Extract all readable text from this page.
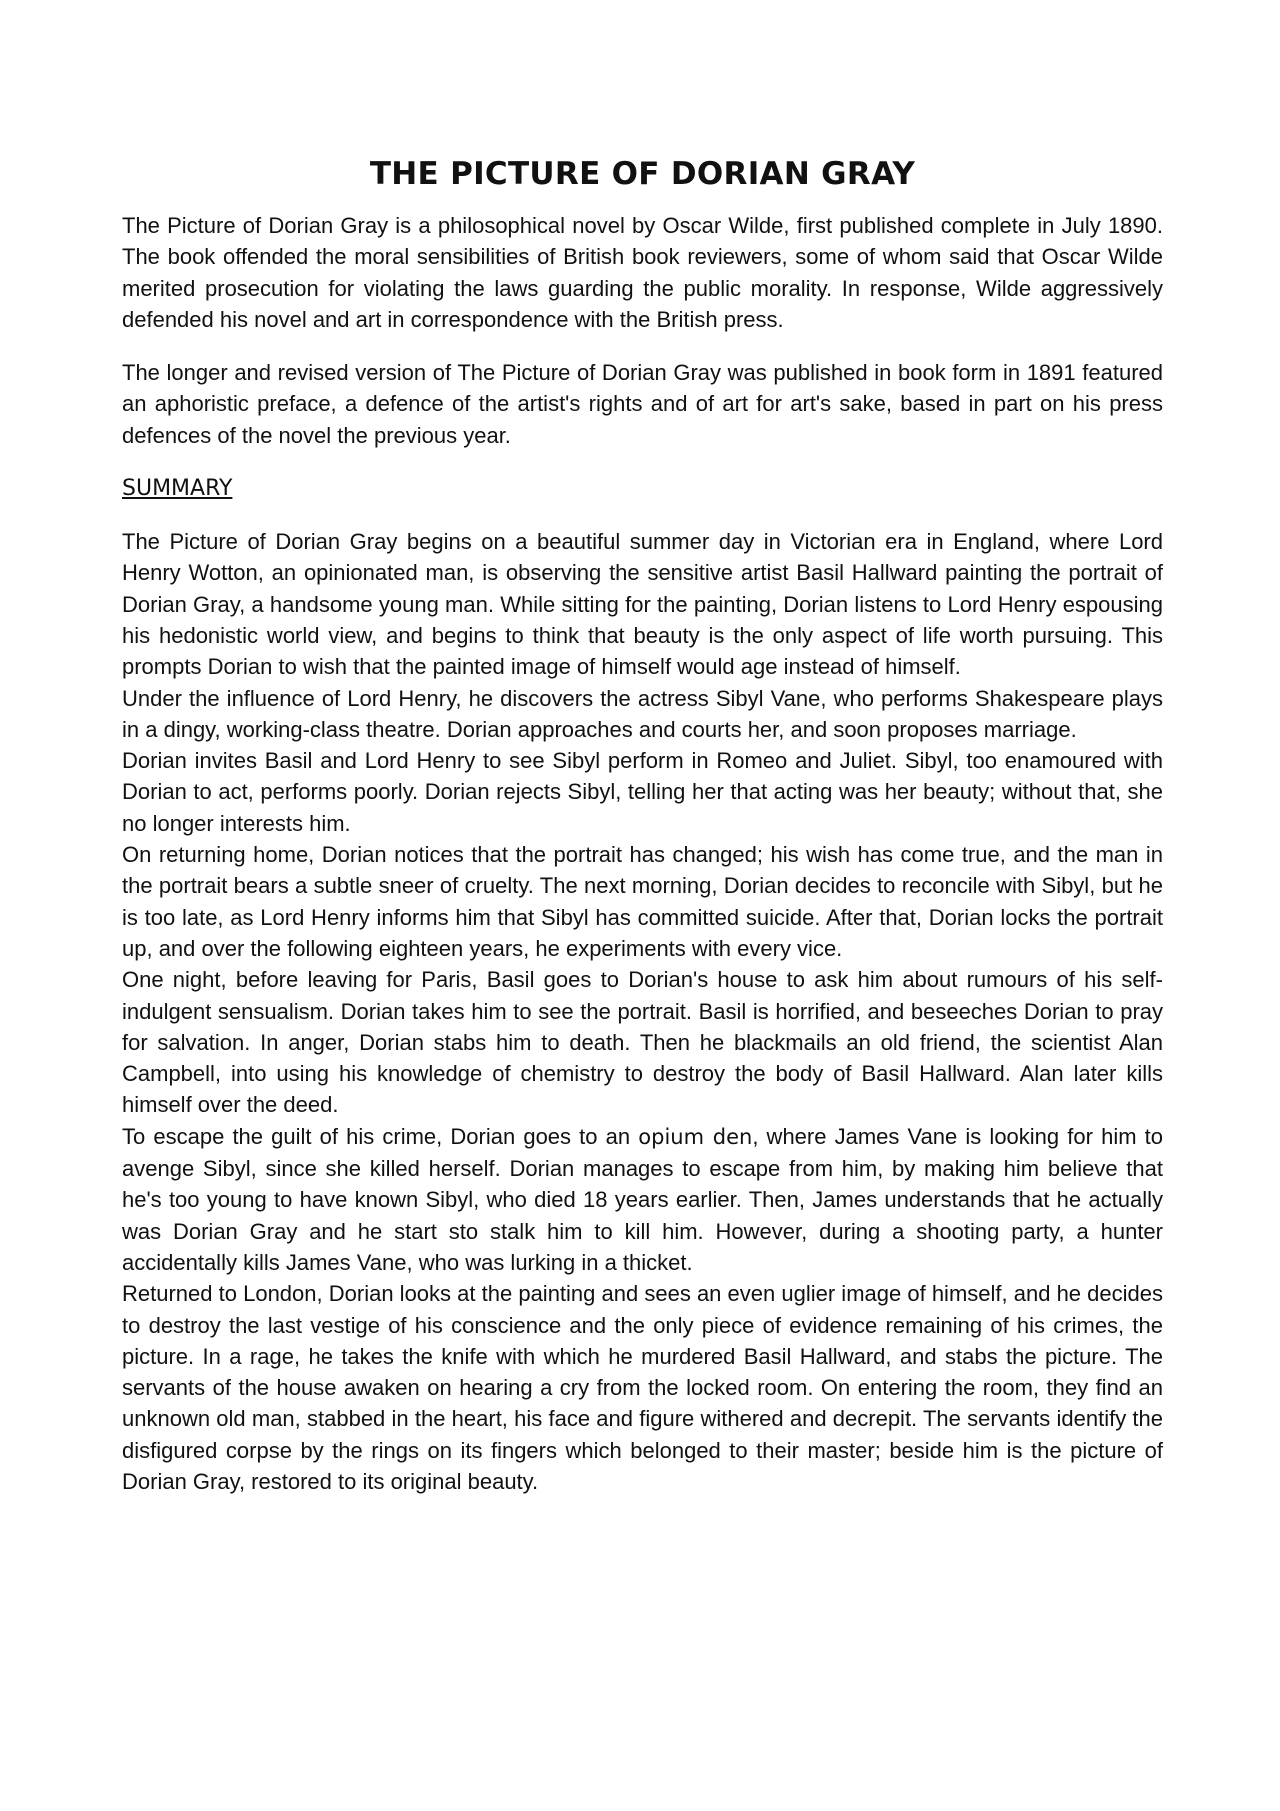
THE PICTURE OF DORIAN GRAY

The Picture of Dorian Gray is a philosophical novel by Oscar Wilde, first published complete in July 1890. The book offended the moral sensibilities of British book reviewers, some of whom said that Oscar Wilde merited prosecution for violating the laws guarding the public morality. In response, Wilde aggressively defended his novel and art in correspondence with the British press.

The longer and revised version of The Picture of Dorian Gray was published in book form in 1891 featured an aphoristic preface, a defence of the artist's rights and of art for art's sake, based in part on his press defences of the novel the previous year.

SUMMARY

The Picture of Dorian Gray begins on a beautiful summer day in Victorian era in England, where Lord Henry Wotton, an opinionated man, is observing the sensitive artist Basil Hallward painting the portrait of Dorian Gray, a handsome young man. While sitting for the painting, Dorian listens to Lord Henry espousing his hedonistic world view, and begins to think that beauty is the only aspect of life worth pursuing. This prompts Dorian to wish that the painted image of himself would age instead of himself.

Under the influence of Lord Henry, he discovers the actress Sibyl Vane, who performs Shakespeare plays in a dingy, working-class theatre. Dorian approaches and courts her, and soon proposes marriage.

Dorian invites Basil and Lord Henry to see Sibyl perform in Romeo and Juliet. Sibyl, too enamoured with Dorian to act, performs poorly. Dorian rejects Sibyl, telling her that acting was her beauty; without that, she no longer interests him.

On returning home, Dorian notices that the portrait has changed; his wish has come true, and the man in the portrait bears a subtle sneer of cruelty. The next morning, Dorian decides to reconcile with Sibyl, but he is too late, as Lord Henry informs him that Sibyl has committed suicide. After that, Dorian locks the portrait up, and over the following eighteen years, he experiments with every vice.

One night, before leaving for Paris, Basil goes to Dorian's house to ask him about rumours of his self-indulgent sensualism. Dorian takes him to see the portrait. Basil is horrified, and beseeches Dorian to pray for salvation. In anger, Dorian stabs him to death. Then he blackmails an old friend, the scientist Alan Campbell, into using his knowledge of chemistry to destroy the body of Basil Hallward. Alan later kills himself over the deed.

To escape the guilt of his crime, Dorian goes to an opium den, where James Vane is looking for him to avenge Sibyl, since she killed herself. Dorian manages to escape from him, by making him believe that he's too young to have known Sibyl, who died 18 years earlier. Then, James understands that he actually was Dorian Gray and he start sto stalk him to kill him. However, during a shooting party, a hunter accidentally kills James Vane, who was lurking in a thicket.

Returned to London, Dorian looks at the painting and sees an even uglier image of himself, and he decides to destroy the last vestige of his conscience and the only piece of evidence remaining of his crimes, the picture. In a rage, he takes the knife with which he murdered Basil Hallward, and stabs the picture. The servants of the house awaken on hearing a cry from the locked room. On entering the room, they find an unknown old man, stabbed in the heart, his face and figure withered and decrepit. The servants identify the disfigured corpse by the rings on its fingers which belonged to their master; beside him is the picture of Dorian Gray, restored to its original beauty.
